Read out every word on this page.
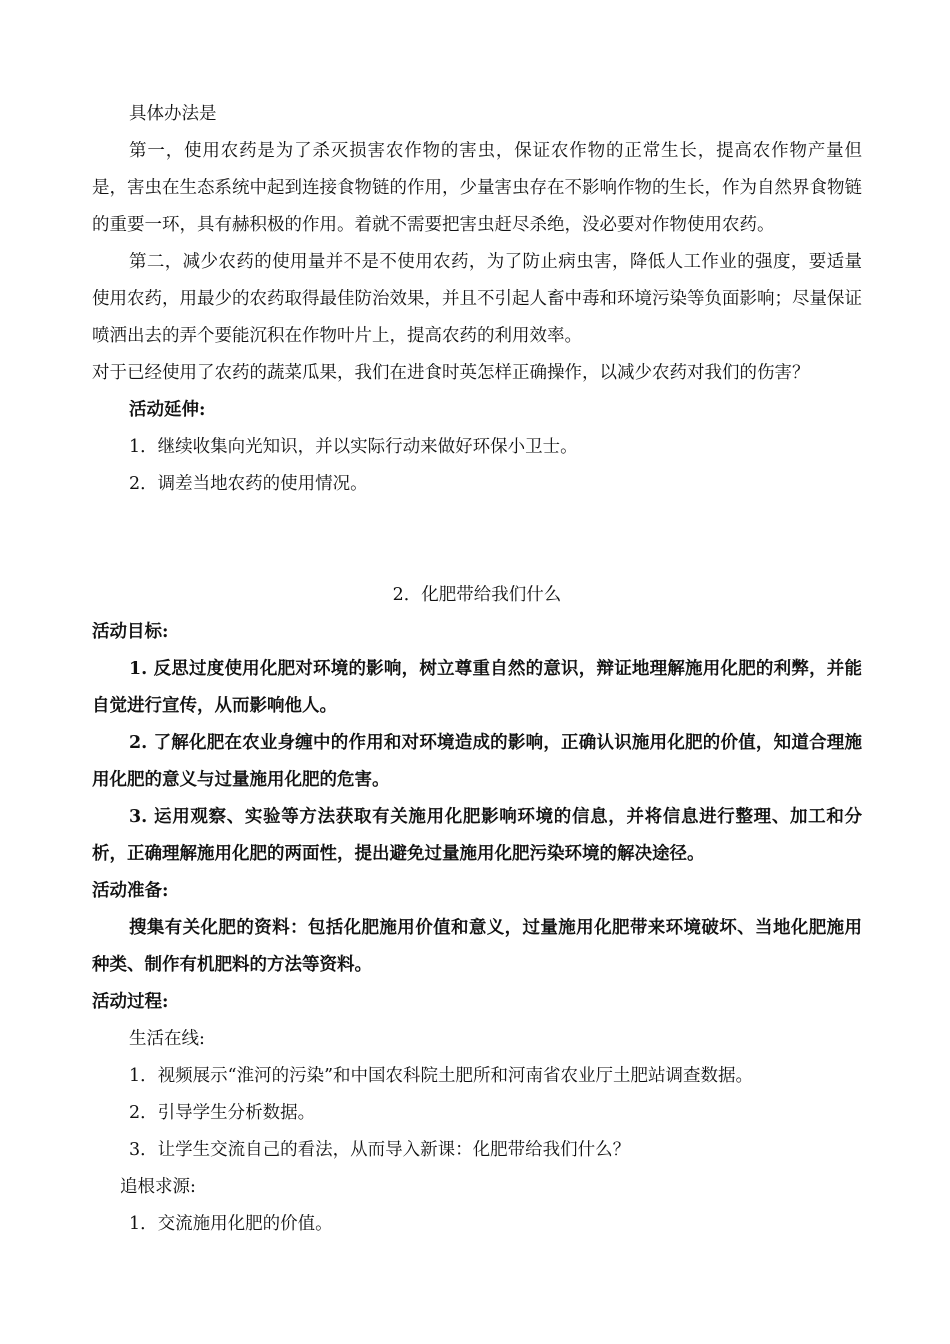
具体办法是

第一，使用农药是为了杀灭损害农作物的害虫，保证农作物的正常生长，提高农作物产量但是，害虫在生态系统中起到连接食物链的作用，少量害虫存在不影响作物的生长，作为自然界食物链的重要一环，具有赫积极的作用。着就不需要把害虫赶尽杀绝，没必要对作物使用农药。

第二，减少农药的使用量并不是不使用农药，为了防止病虫害，降低人工作业的强度，要适量使用农药，用最少的农药取得最佳防治效果，并且不引起人畜中毒和环境污染等负面影响；尽量保证喷洒出去的弄个要能沉积在作物叶片上，提高农药的利用效率。

对于已经使用了农药的蔬菜瓜果，我们在进食时英怎样正确操作，以减少农药对我们的伤害？

活动延伸:

1．继续收集向光知识，并以实际行动来做好环保小卫士。

2．调差当地农药的使用情况。

2．化肥带给我们什么

活动目标:

1. 反思过度使用化肥对环境的影响，树立尊重自然的意识，辩证地理解施用化肥的利弊，并能自觉进行宣传，从而影响他人。

2. 了解化肥在农业身缠中的作用和对环境造成的影响，正确认识施用化肥的价值，知道合理施用化肥的意义与过量施用化肥的危害。

3. 运用观察、实验等方法获取有关施用化肥影响环境的信息，并将信息进行整理、加工和分析，正确理解施用化肥的两面性，提出避免过量施用化肥污染环境的解决途径。

活动准备:

搜集有关化肥的资料：包括化肥施用价值和意义，过量施用化肥带来环境破坏、当地化肥施用种类、制作有机肥料的方法等资料。

活动过程:

生活在线:

1．视频展示“淮河的污染”和中国农科院土肥所和河南省农业厅土肥站调查数据。

2．引导学生分析数据。

3．让学生交流自己的看法，从而导入新课：化肥带给我们什么？

追根求源:

1．交流施用化肥的价值。
